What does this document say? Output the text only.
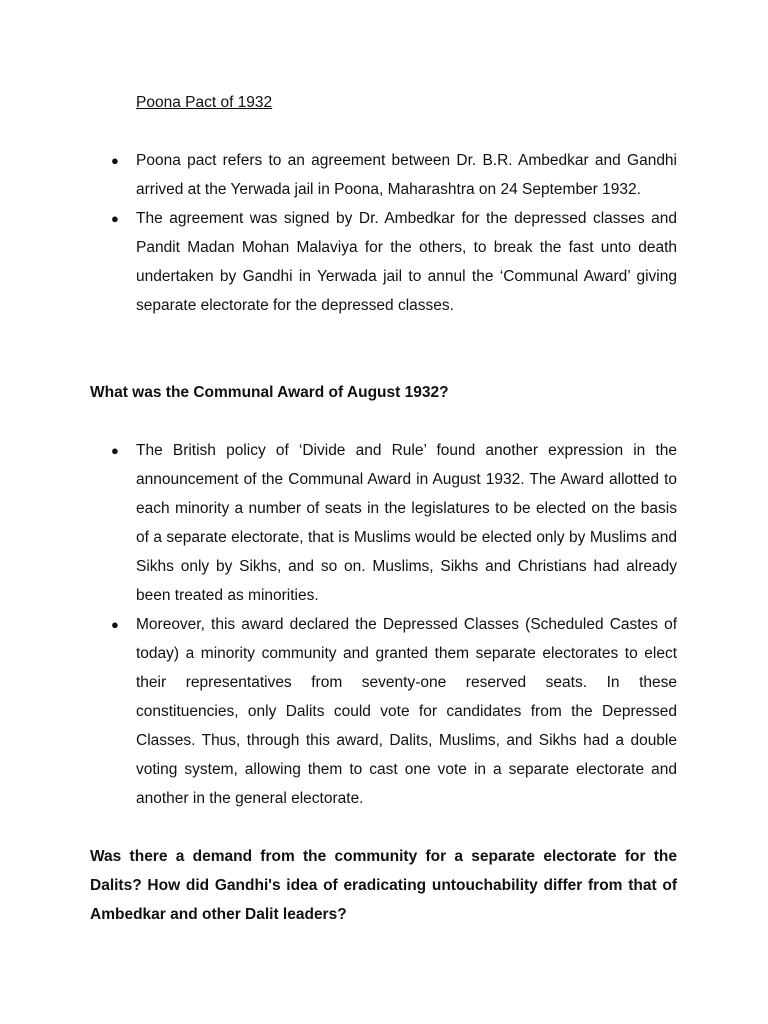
Poona Pact of 1932
● Poona pact refers to an agreement between Dr. B.R. Ambedkar and Gandhi arrived at the Yerwada jail in Poona, Maharashtra on 24 September 1932.
● The agreement was signed by Dr. Ambedkar for the depressed classes and Pandit Madan Mohan Malaviya for the others, to break the fast unto death undertaken by Gandhi in Yerwada jail to annul the ‘Communal Award’ giving separate electorate for the depressed classes.
What was the Communal Award of August 1932?
● The British policy of ‘Divide and Rule’ found another expression in the announcement of the Communal Award in August 1932. The Award allotted to each minority a number of seats in the legislatures to be elected on the basis of a separate electorate, that is Muslims would be elected only by Muslims and Sikhs only by Sikhs, and so on. Muslims, Sikhs and Christians had already been treated as minorities.
● Moreover, this award declared the Depressed Classes (Scheduled Castes of today) a minority community and granted them separate electorates to elect their representatives from seventy-one reserved seats. In these constituencies, only Dalits could vote for candidates from the Depressed Classes. Thus, through this award, Dalits, Muslims, and Sikhs had a double voting system, allowing them to cast one vote in a separate electorate and another in the general electorate.
Was there a demand from the community for a separate electorate for the Dalits? How did Gandhi's idea of eradicating untouchability differ from that of Ambedkar and other Dalit leaders?
